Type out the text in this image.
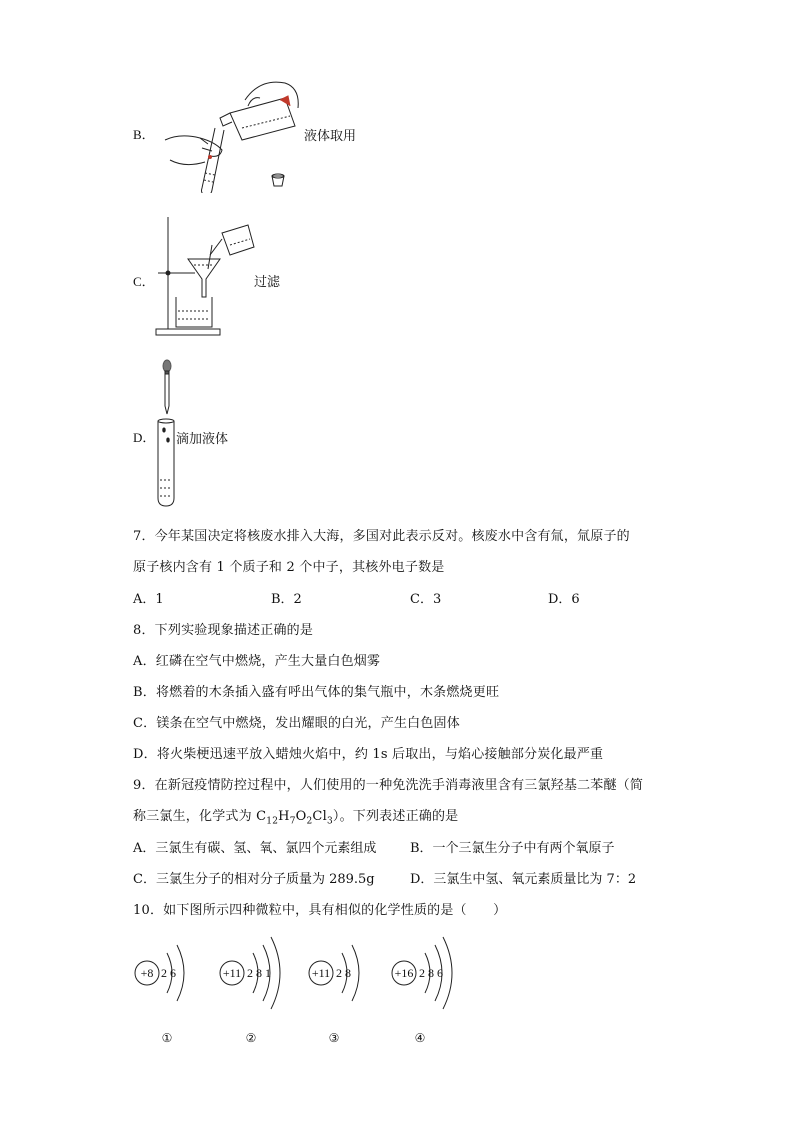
B．	液体取用
C．	过滤
D． 滴加液体
7．今年某国决定将核废水排入大海，多国对此表示反对。核废水中含有氚，氚原子的
原子核内含有 1 个质子和 2 个中子，其核外电子数是
A．1	B．2	C．3	D．6
8．下列实验现象描述正确的是
A．红磷在空气中燃烧，产生大量白色烟雾
B．将燃着的木条插入盛有呼出气体的集气瓶中，木条燃烧更旺
C．镁条在空气中燃烧，发出耀眼的白光，产生白色固体
D．将火柴梗迅速平放入蜡烛火焰中，约 1s 后取出，与焰心接触部分炭化最严重
9．在新冠疫情防控过程中，人们使用的一种免洗洗手消毒液里含有三氯羟基二苯醚（简
称三氯生，化学式为 $C_{12}H_7O_2Cl_3$）。下列表述正确的是
A．三氯生有碳、氢、氧、氯四个元素组成	B．一个三氯生分子中有两个氧原子
C．三氯生分子的相对分子质量为 289.5g	D．三氯生中氢、氧元素质量比为 7：2
10．如下图所示四种微粒中，具有相似的化学性质的是（　　）
+8 2 6	+11 2 8 1	+11 2 8	+16 2 8 6
①	②	③	④
